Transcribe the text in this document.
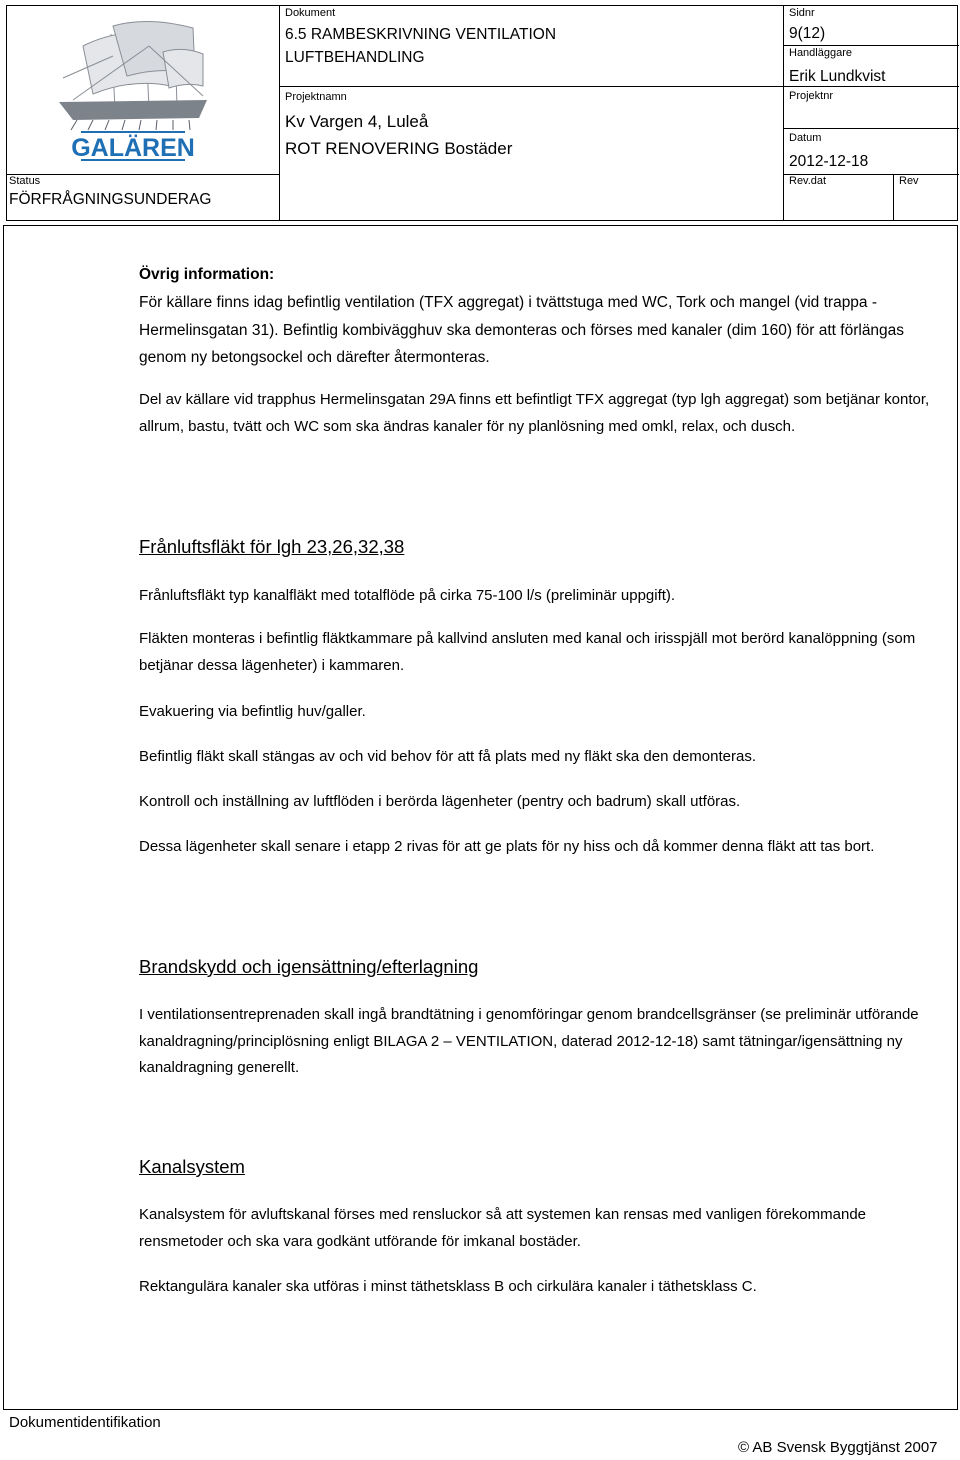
GALÄREN
Status
FÖRFRÅGNINGSUNDERAG
Dokument
6.5 RAMBESKRIVNING VENTILATION
LUFTBEHANDLING
Projektnamn
Kv Vargen 4, Luleå
ROT RENOVERING Bostäder
Sidnr
9(12)
Handläggare
Erik Lundkvist
Projektnr
Datum
2012-12-18
Rev.dat	Rev
Övrig information:
För källare finns idag befintlig ventilation (TFX aggregat) i tvättstuga med WC, Tork och mangel (vid trappa - Hermelinsgatan 31). Befintlig kombivägghuv ska demonteras och förses med kanaler (dim 160) för att förlängas genom ny betongsockel och därefter återmonteras.
Del av källare vid trapphus Hermelinsgatan 29A finns ett befintligt TFX aggregat (typ lgh aggregat) som betjänar kontor, allrum, bastu, tvätt och WC som ska ändras kanaler för ny planlösning med omkl, relax, och dusch.
Frånluftsfläkt för lgh 23,26,32,38
Frånluftsfläkt typ kanalfläkt med totalflöde på cirka 75-100 l/s (preliminär uppgift).
Fläkten monteras i befintlig fläktkammare på kallvind ansluten med kanal och irisspjäll mot berörd kanalöppning (som betjänar dessa lägenheter) i kammaren.
Evakuering via befintlig huv/galler.
Befintlig fläkt skall stängas av och vid behov för att få plats med ny fläkt ska den demonteras.
Kontroll och inställning av luftflöden i berörda lägenheter (pentry och badrum) skall utföras.
Dessa lägenheter skall senare i etapp 2 rivas för att ge plats för ny hiss och då kommer denna fläkt att tas bort.
Brandskydd och igensättning/efterlagning
I ventilationsentreprenaden skall ingå brandtätning i genomföringar genom brandcellsgränser (se preliminär utförande kanaldragning/principlösning enligt BILAGA 2 – VENTILATION, daterad 2012-12-18) samt tätningar/igensättning ny kanaldragning generellt.
Kanalsystem
Kanalsystem för avluftskanal förses med rensluckor så att systemen kan rensas med vanligen förekommande rensmetoder och ska vara godkänt utförande för imkanal bostäder.
Rektangulära kanaler ska utföras i minst täthetsklass B och cirkulära kanaler i täthetsklass C.
Dokumentidentifikation
© AB Svensk Byggtjänst 2007
